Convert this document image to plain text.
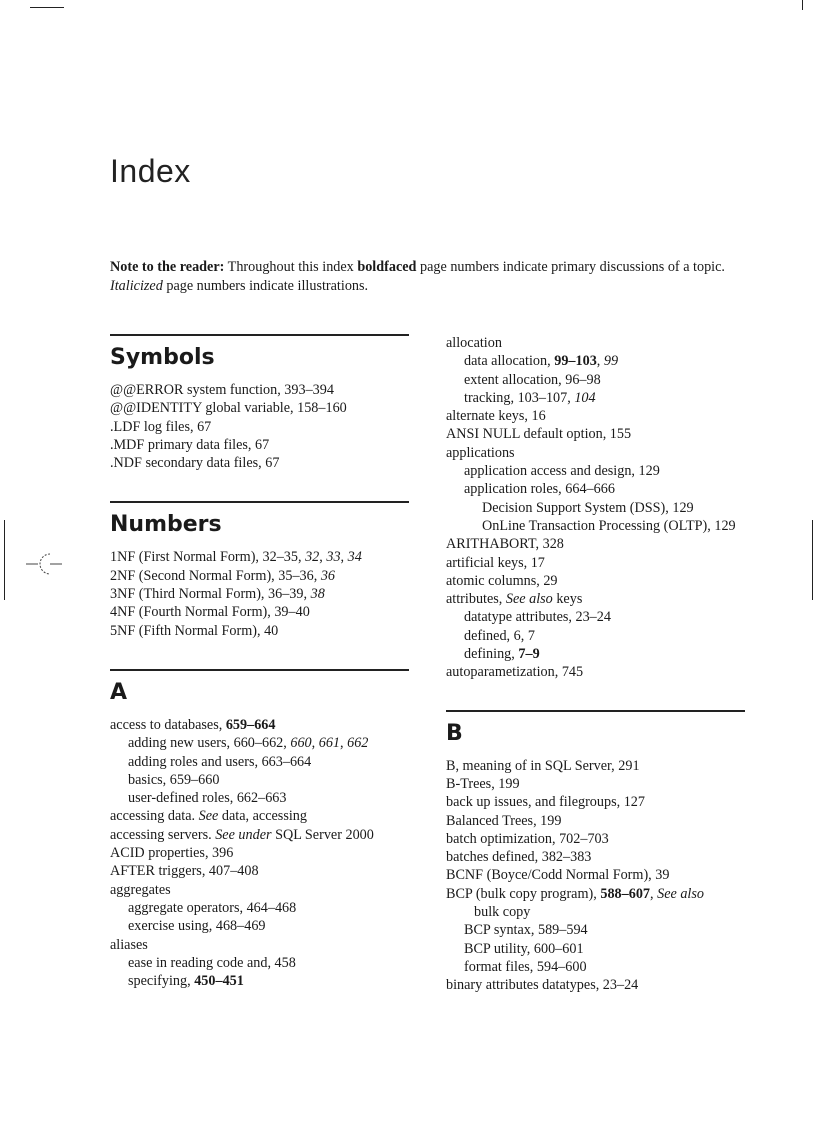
Index

Note to the reader: Throughout this index boldfaced page numbers indicate primary discussions of a topic. Italicized page numbers indicate illustrations.

Symbols
@@ERROR system function, 393–394
@@IDENTITY global variable, 158–160
.LDF log files, 67
.MDF primary data files, 67
.NDF secondary data files, 67
Numbers
1NF (First Normal Form), 32–35, 32, 33, 34
2NF (Second Normal Form), 35–36, 36
3NF (Third Normal Form), 36–39, 38
4NF (Fourth Normal Form), 39–40
5NF (Fifth Normal Form), 40
A
access to databases, 659–664
adding new users, 660–662, 660, 661, 662
adding roles and users, 663–664
basics, 659–660
user-defined roles, 662–663
accessing data. See data, accessing
accessing servers. See under SQL Server 2000
ACID properties, 396
AFTER triggers, 407–408
aggregates
aggregate operators, 464–468
exercise using, 468–469
aliases
ease in reading code and, 458
specifying, 450–451
allocation
data allocation, 99–103, 99
extent allocation, 96–98
tracking, 103–107, 104
alternate keys, 16
ANSI NULL default option, 155
applications
application access and design, 129
application roles, 664–666
Decision Support System (DSS), 129
OnLine Transaction Processing (OLTP), 129
ARITHABORT, 328
artificial keys, 17
atomic columns, 29
attributes, See also keys
datatype attributes, 23–24
defined, 6, 7
defining, 7–9
autoparametization, 745
B
B, meaning of in SQL Server, 291
B-Trees, 199
back up issues, and filegroups, 127
Balanced Trees, 199
batch optimization, 702–703
batches defined, 382–383
BCNF (Boyce/Codd Normal Form), 39
BCP (bulk copy program), 588–607, See also
bulk copy
BCP syntax, 589–594
BCP utility, 600–601
format files, 594–600
binary attributes datatypes, 23–24
